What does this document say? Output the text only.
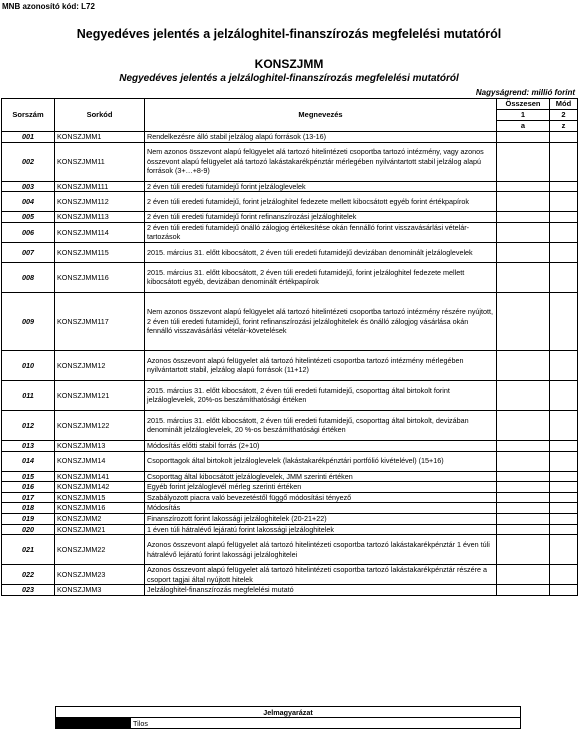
MNB azonosító kód: L72
Negyedéves jelentés a jelzáloghitel-finanszírozás megfelelési mutatóról
KONSZJMM
Negyedéves jelentés a jelzáloghitel-finanszírozás megfelelési mutatóról
Nagyságrend: millió forint
Sorszám	Sorkód	Megnevezés	Összesen	Mód
			1	2
			a	z
001	KONSZJMM1	Rendelkezésre álló stabil jelzálog alapú források (13-16)		
002	KONSZJMM11	Nem azonos összevont alapú felügyelet alá tartozó hitelintézeti csoportba tartozó intézmény, vagy azonos összevont alapú felügyelet alá tartozó lakástakarékpénztár mérlegében nyilvántartott stabil jelzálog alapú források (3+…+8-9)		
003	KONSZJMM111	2 éven túli eredeti futamidejű forint jelzáloglevelek		
004	KONSZJMM112	2 éven túli eredeti futamidejű, forint jelzáloghitel fedezete mellett kibocsátott egyéb forint értékpapírok		
005	KONSZJMM113	2 éven túli eredeti futamidejű forint refinanszírozási jelzáloghitelek		
006	KONSZJMM114	2 éven túli eredeti futamidejű önálló zálogjog értékesítése okán fennálló forint visszavásárlási vételár-tartozások		
007	KONSZJMM115	2015. március 31. előtt kibocsátott, 2 éven túli eredeti futamidejű devizában denominált jelzáloglevelek		
008	KONSZJMM116	2015. március 31. előtt kibocsátott, 2 éven túli eredeti futamidejű, forint jelzáloghitel fedezete mellett kibocsátott egyéb, devizában denominált értékpapírok		
009	KONSZJMM117	Nem azonos összevont alapú felügyelet alá tartozó hitelintézeti csoportba tartozó intézmény részére nyújtott, 2 éven túli eredeti futamidejű, forint refinanszírozási jelzáloghitelek és önálló zálogjog vásárlása okán fennálló visszavásárlási vételár-követelések		
010	KONSZJMM12	Azonos összevont alapú felügyelet alá tartozó hitelintézeti csoportba tartozó intézmény mérlegében nyilvántartott stabil, jelzálog alapú források (11+12)		
011	KONSZJMM121	2015. március 31. előtt kibocsátott, 2 éven túli eredeti futamidejű, csoporttag által birtokolt forint jelzáloglevelek, 20%-os beszámíthatósági értéken		
012	KONSZJMM122	2015. március 31. előtt kibocsátott, 2 éven túli eredeti futamidejű, csoporttag által birtokolt, devizában denominált jelzáloglevelek, 20 %-os beszámíthatósági értéken		
013	KONSZJMM13	Módosítás előtti stabil forrás (2+10)		
014	KONSZJMM14	Csoporttagok által birtokolt jelzáloglevelek (lakástakarékpénztári portfólió kivételével) (15+16)		
015	KONSZJMM141	Csoporttag által kibocsátott jelzáloglevelek, JMM szerinti értéken		
016	KONSZJMM142	Egyéb forint jelzáloglevél mérleg szerinti értéken		
017	KONSZJMM15	Szabályozott piacra való bevezetéstől függő módosítási tényező		
018	KONSZJMM16	Módosítás		
019	KONSZJMM2	Finanszírozott forint lakossági jelzáloghitelek (20-21+22)		
020	KONSZJMM21	1 éven túli hátralévő lejáratú forint lakossági jelzáloghitelek		
021	KONSZJMM22	Azonos összevont alapú felügyelet alá tartozó hitelintézeti csoportba tartozó lakástakarékpénztár 1 éven túli hátralévő lejáratú forint lakossági jelzáloghitelei		
022	KONSZJMM23	Azonos összevont alapú felügyelet alá tartozó hitelintézeti csoportba tartozó lakástakarékpénztár részére a csoport tagjai által nyújtott hitelek		
023	KONSZJMM3	Jelzáloghitel-finanszírozás megfelelési mutató		
Jelmagyarázat
	Tilos
